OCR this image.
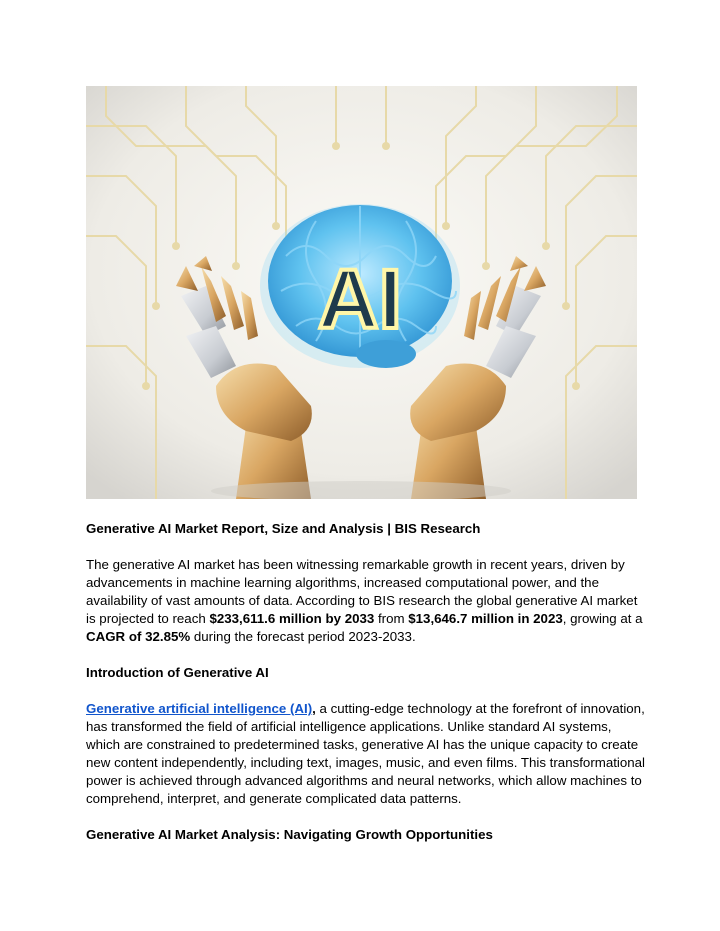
AI

Generative AI Market Report, Size and Analysis | BIS Research

The generative AI market has been witnessing remarkable growth in recent years, driven by advancements in machine learning algorithms, increased computational power, and the availability of vast amounts of data. According to BIS research the global generative AI market is projected to reach $233,611.6 million by 2033 from $13,646.7 million in 2023, growing at a CAGR of 32.85% during the forecast period 2023-2033.

Introduction of Generative AI

Generative artificial intelligence (AI), a cutting-edge technology at the forefront of innovation, has transformed the field of artificial intelligence applications. Unlike standard AI systems, which are constrained to predetermined tasks, generative AI has the unique capacity to create new content independently, including text, images, music, and even films. This transformational power is achieved through advanced algorithms and neural networks, which allow machines to comprehend, interpret, and generate complicated data patterns.

Generative AI Market Analysis: Navigating Growth Opportunities
